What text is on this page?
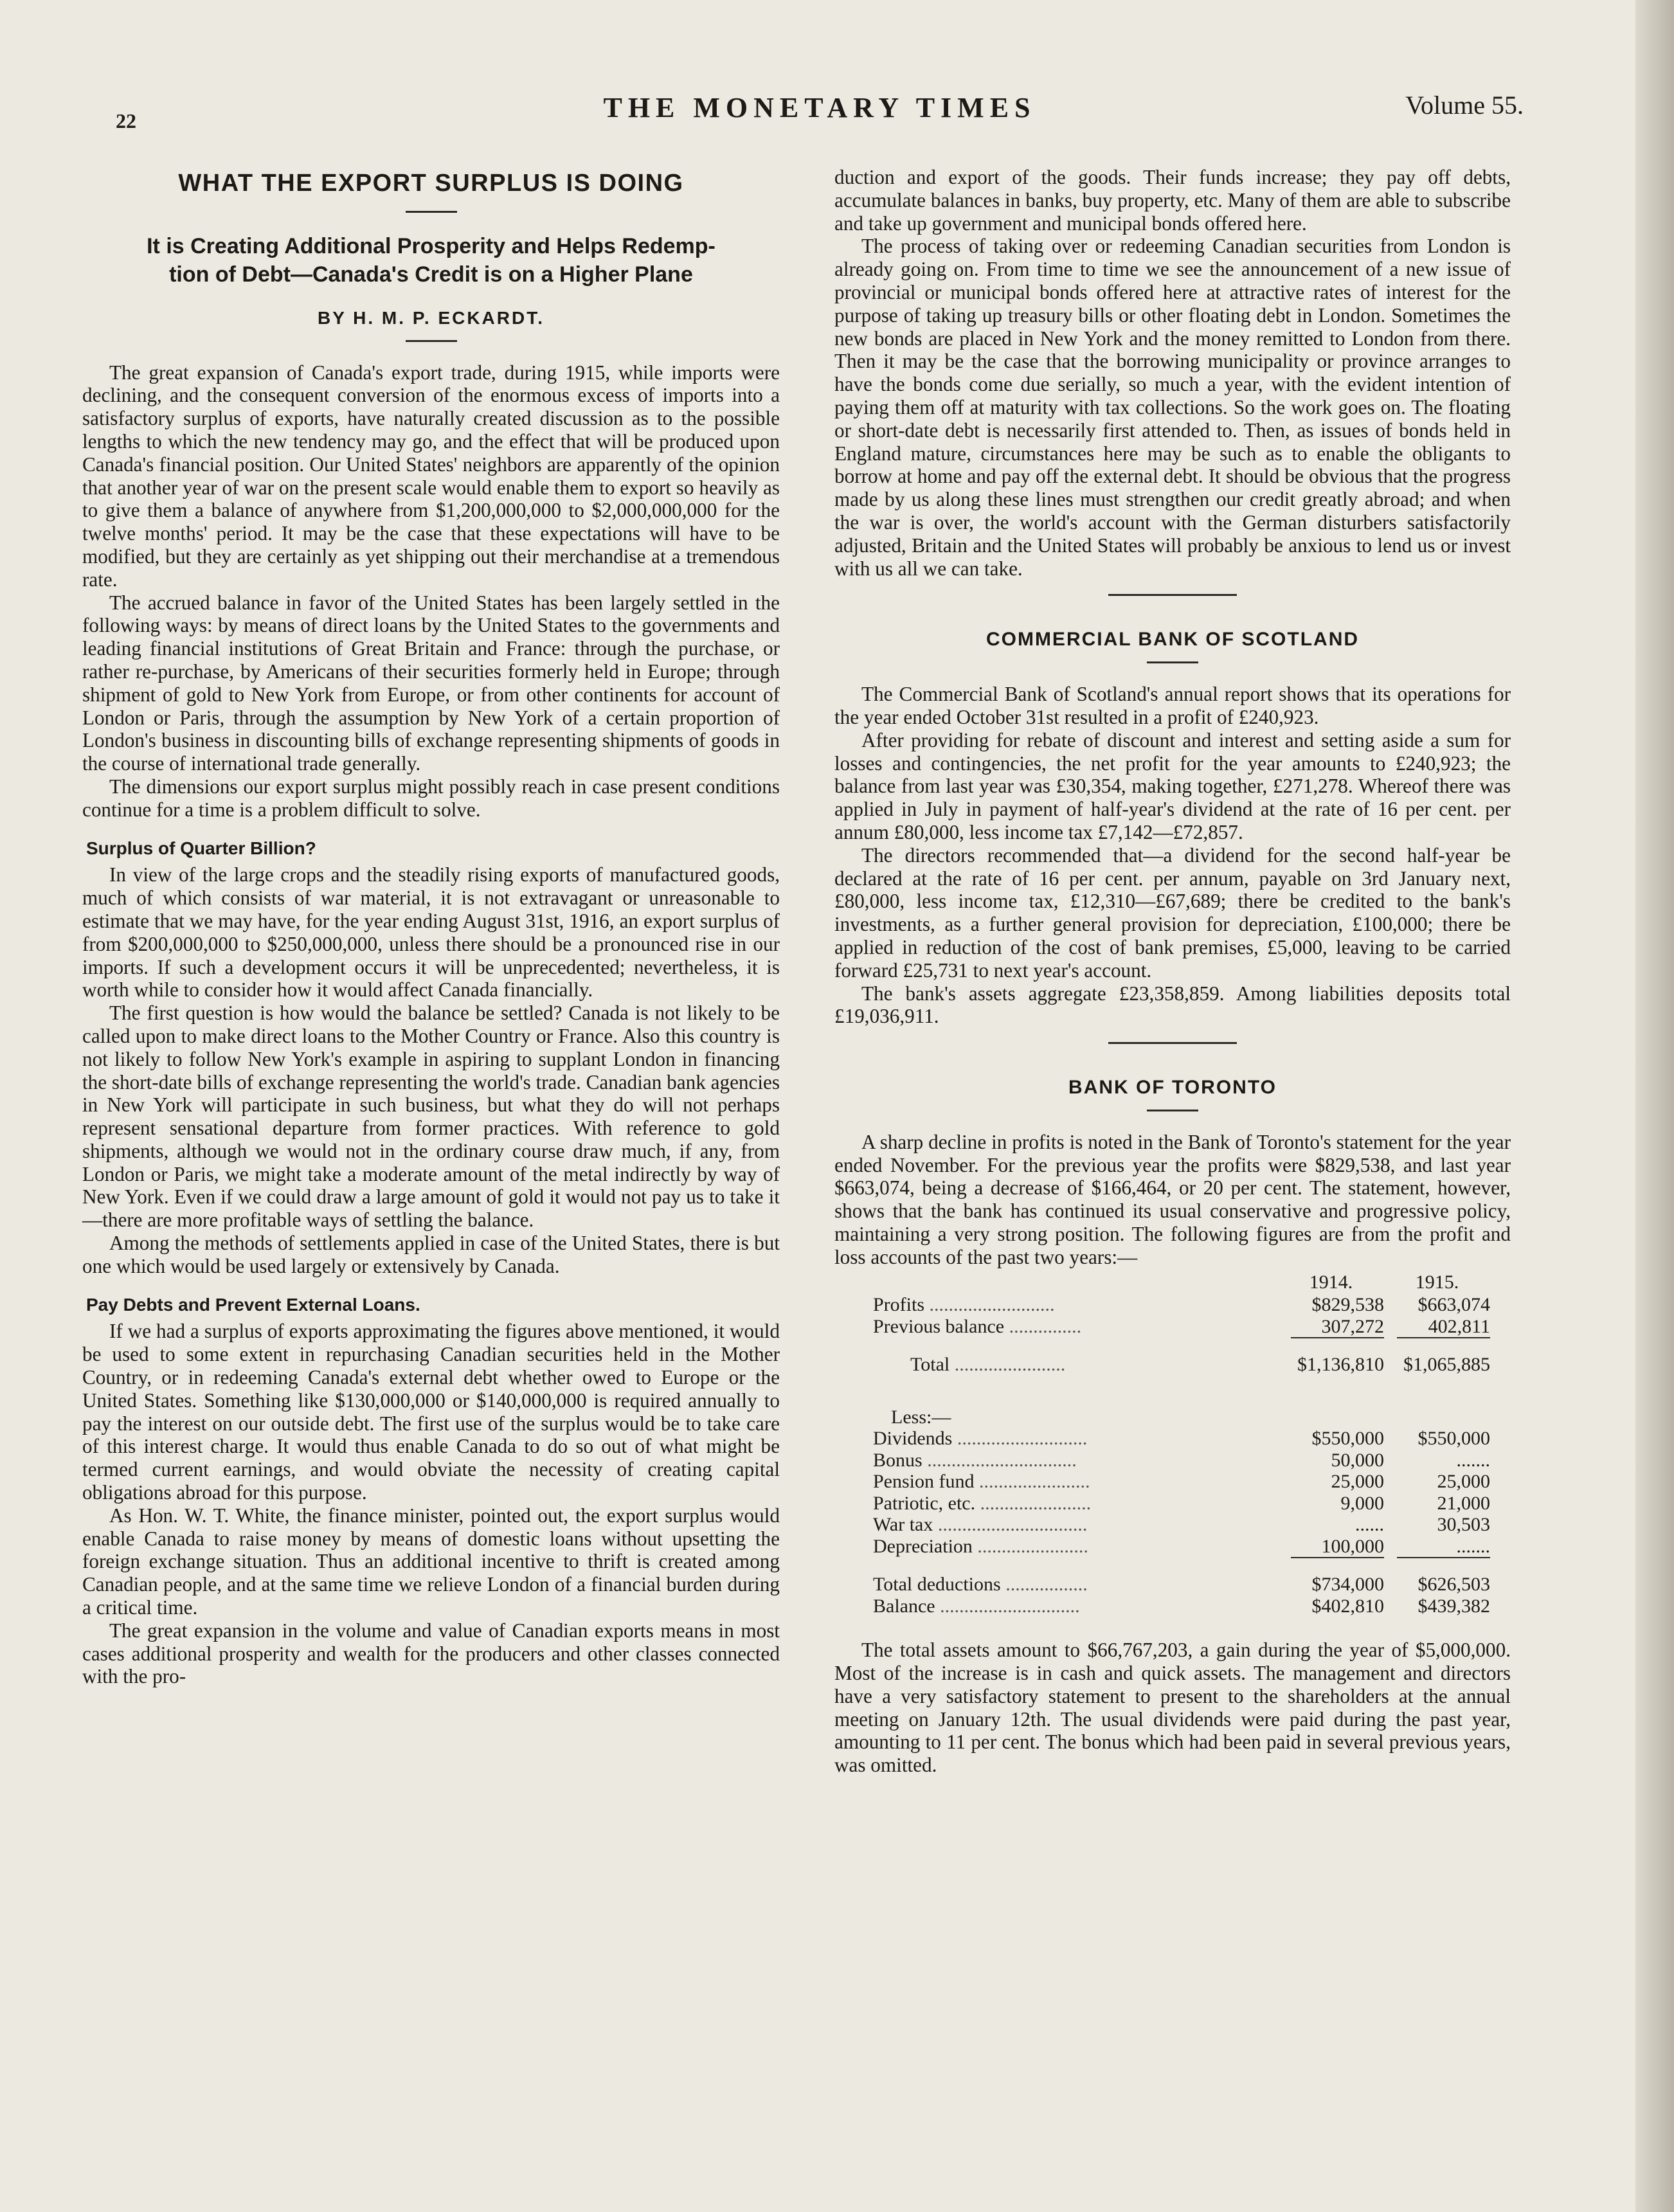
22	THE MONETARY TIMES	Volume 55.
WHAT THE EXPORT SURPLUS IS DOING
It is Creating Additional Prosperity and Helps Redemp-
tion of Debt—Canada's Credit is on a Higher Plane
BY H. M. P. ECKARDT.

The great expansion of Canada's export trade, during 1915, while imports were declining, and the consequent conversion of the enormous excess of imports into a satisfactory surplus of exports, have naturally created discussion as to the possible lengths to which the new tendency may go, and the effect that will be produced upon Canada's financial position. Our United States' neighbors are apparently of the opinion that another year of war on the present scale would enable them to export so heavily as to give them a balance of anywhere from $1,200,000,000 to $2,000,000,000 for the twelve months' period. It may be the case that these expectations will have to be modified, but they are certainly as yet shipping out their merchandise at a tremendous rate.

The accrued balance in favor of the United States has been largely settled in the following ways: by means of direct loans by the United States to the governments and leading financial institutions of Great Britain and France: through the purchase, or rather re-purchase, by Americans of their securities formerly held in Europe; through shipment of gold to New York from Europe, or from other continents for account of London or Paris, through the assumption by New York of a certain proportion of London's business in discounting bills of exchange representing shipments of goods in the course of international trade generally.

The dimensions our export surplus might possibly reach in case present conditions continue for a time is a problem difficult to solve.

Surplus of Quarter Billion?

In view of the large crops and the steadily rising exports of manufactured goods, much of which consists of war material, it is not extravagant or unreasonable to estimate that we may have, for the year ending August 31st, 1916, an export surplus of from $200,000,000 to $250,000,000, unless there should be a pronounced rise in our imports. If such a development occurs it will be unprecedented; nevertheless, it is worth while to consider how it would affect Canada financially.

The first question is how would the balance be settled? Canada is not likely to be called upon to make direct loans to the Mother Country or France. Also this country is not likely to follow New York's example in aspiring to supplant London in financing the short-date bills of exchange representing the world's trade. Canadian bank agencies in New York will participate in such business, but what they do will not perhaps represent sensational departure from former practices. With reference to gold shipments, although we would not in the ordinary course draw much, if any, from London or Paris, we might take a moderate amount of the metal indirectly by way of New York. Even if we could draw a large amount of gold it would not pay us to take it—there are more profitable ways of settling the balance.

Among the methods of settlements applied in case of the United States, there is but one which would be used largely or extensively by Canada.

Pay Debts and Prevent External Loans.

If we had a surplus of exports approximating the figures above mentioned, it would be used to some extent in repurchasing Canadian securities held in the Mother Country, or in redeeming Canada's external debt whether owed to Europe or the United States. Something like $130,000,000 or $140,000,000 is required annually to pay the interest on our outside debt. The first use of the surplus would be to take care of this interest charge. It would thus enable Canada to do so out of what might be termed current earnings, and would obviate the necessity of creating capital obligations abroad for this purpose.

As Hon. W. T. White, the finance minister, pointed out, the export surplus would enable Canada to raise money by means of domestic loans without upsetting the foreign exchange situation. Thus an additional incentive to thrift is created among Canadian people, and at the same time we relieve London of a financial burden during a critical time.

The great expansion in the volume and value of Canadian exports means in most cases additional prosperity and wealth for the producers and other classes connected with the pro-

duction and export of the goods. Their funds increase; they pay off debts, accumulate balances in banks, buy property, etc. Many of them are able to subscribe and take up government and municipal bonds offered here.

The process of taking over or redeeming Canadian securities from London is already going on. From time to time we see the announcement of a new issue of provincial or municipal bonds offered here at attractive rates of interest for the purpose of taking up treasury bills or other floating debt in London. Sometimes the new bonds are placed in New York and the money remitted to London from there. Then it may be the case that the borrowing municipality or province arranges to have the bonds come due serially, so much a year, with the evident intention of paying them off at maturity with tax collections. So the work goes on. The floating or short-date debt is necessarily first attended to. Then, as issues of bonds held in England mature, circumstances here may be such as to enable the obligants to borrow at home and pay off the external debt. It should be obvious that the progress made by us along these lines must strengthen our credit greatly abroad; and when the war is over, the world's account with the German disturbers satisfactorily adjusted, Britain and the United States will probably be anxious to lend us or invest with us all we can take.

COMMERCIAL BANK OF SCOTLAND

The Commercial Bank of Scotland's annual report shows that its operations for the year ended October 31st resulted in a profit of £240,923.

After providing for rebate of discount and interest and setting aside a sum for losses and contingencies, the net profit for the year amounts to £240,923; the balance from last year was £30,354, making together, £271,278. Whereof there was applied in July in payment of half-year's dividend at the rate of 16 per cent. per annum £80,000, less income tax £7,142—£72,857.

The directors recommended that—a dividend for the second half-year be declared at the rate of 16 per cent. per annum, payable on 3rd January next, £80,000, less income tax, £12,310—£67,689; there be credited to the bank's investments, as a further general provision for depreciation, £100,000; there be applied in reduction of the cost of bank premises, £5,000, leaving to be carried forward £25,731 to next year's account.

The bank's assets aggregate £23,358,859. Among liabilities deposits total £19,036,911.

BANK OF TORONTO

A sharp decline in profits is noted in the Bank of Toronto's statement for the year ended November. For the previous year the profits were $829,538, and last year $663,074, being a decrease of $166,464, or 20 per cent. The statement, however, shows that the bank has continued its usual conservative and progressive policy, maintaining a very strong position. The following figures are from the profit and loss accounts of the past two years:—

	1914.	1915.
Profits ..........................	$829,538	$663,074
Previous balance ...............	307,272	402,811

Total .......................	$1,136,810	$1,065,885

Less:—		
Dividends ...........................	$550,000	$550,000
Bonus ...............................	50,000	.......
Pension fund .......................	25,000	25,000
Patriotic, etc. .......................	9,000	21,000
War tax ...............................	......	30,503
Depreciation .......................	100,000	.......

Total deductions .................	$734,000	$626,503
Balance .............................	$402,810	$439,382

The total assets amount to $66,767,203, a gain during the year of $5,000,000. Most of the increase is in cash and quick assets. The management and directors have a very satisfactory statement to present to the shareholders at the annual meeting on January 12th. The usual dividends were paid during the past year, amounting to 11 per cent. The bonus which had been paid in several previous years, was omitted.
